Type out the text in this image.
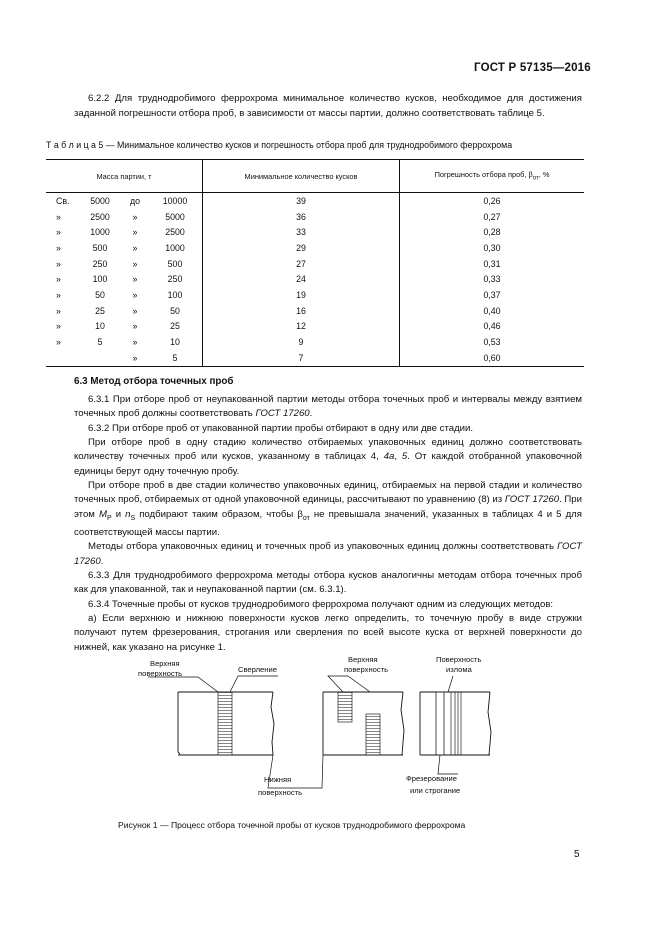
ГОСТ Р 57135—2016
6.2.2 Для труднодробимого феррохрома минимальное количество кусков, необходимое для достижения заданной погрешности отбора проб, в зависимости от массы партии, должно соответствовать таблице 5.
Т а б л и ц а 5 — Минимальное количество кусков и погрешность отбора проб для труднодробимого феррохрома
Масса партии, т				Минимальное количество кусков	Погрешность отбора проб, $\beta_{от}$, %
Св.	5000	до	10000	39	0,26
»	2500	»	5000	36	0,27
»	1000	»	2500	33	0,28
»	500	»	1000	29	0,30
»	250	»	500	27	0,31
»	100	»	250	24	0,33
»	50	»	100	19	0,37
»	25	»	50	16	0,40
»	10	»	25	12	0,46
»	5	»	10	9	0,53
		»	5	7	0,60
6.3 Метод отбора точечных проб

6.3.1 При отборе проб от неупакованной партии методы отбора точечных проб и интервалы между взятием точечных проб должны соответствовать ГОСТ 17260.

6.3.2 При отборе проб от упакованной партии пробы отбирают в одну или две стадии.

При отборе проб в одну стадию количество отбираемых упаковочных единиц должно соответствовать количеству точечных проб или кусков, указанному в таблицах 4, 4а, 5. От каждой отобранной упаковочной единицы берут одну точечную пробу.

При отборе проб в две стадии количество упаковочных единиц, отбираемых на первой стадии и количество точечных проб, отбираемых от одной упаковочной единицы, рассчитывают по уравнению (8) из ГОСТ 17260. При этом $M_P$ и $n_S$ подбирают таким образом, чтобы $\beta_{от}$ не превышала значений, указанных в таблицах 4 и 5 для соответствующей массы партии.

Методы отбора упаковочных единиц и точечных проб из упаковочных единиц должны соответствовать ГОСТ 17260.

6.3.3 Для труднодробимого феррохрома методы отбора кусков аналогичны методам отбора точечных проб как для упакованной, так и неупакованной партии (см. 6.3.1).

6.3.4 Точечные пробы от кусков труднодробимого феррохрома получают одним из следующих методов:

а) Если верхнюю и нижнюю поверхности кусков легко определить, то точечную пробу в виде стружки получают путем фрезерования, строгания или сверления по всей высоте куска от верхней поверхности до нижней, как указано на рисунке 1.

Верхняя
поверхность	Сверление
Верхняя
поверхность
Поверхность
излома
Нижняя
поверхность
Фрезерование
или строгание
Рисунок 1 — Процесс отбора точечной пробы от кусков труднодробимого феррохрома
5
